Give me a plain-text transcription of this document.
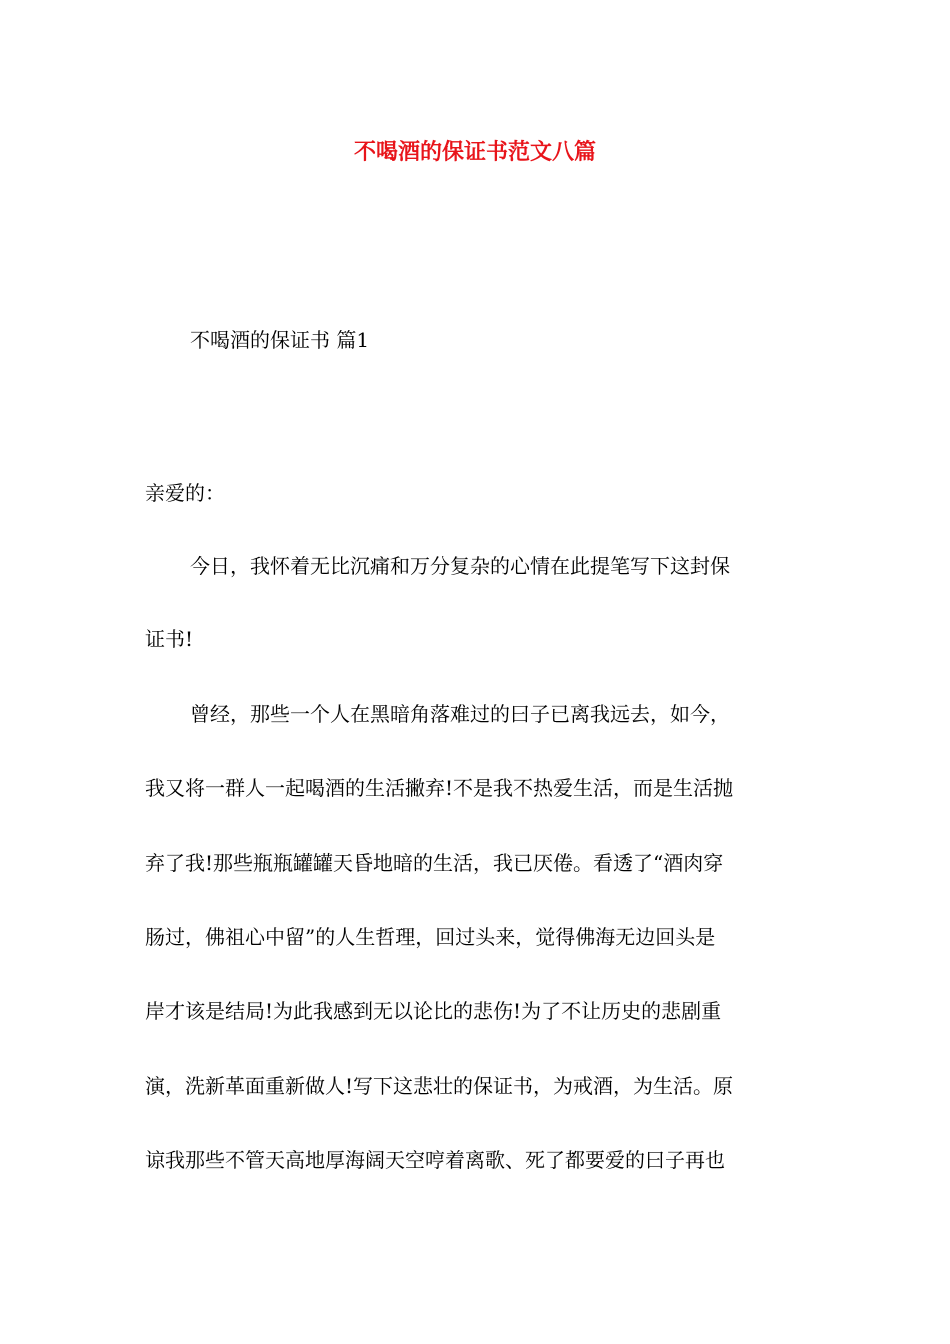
不喝酒的保证书范文八篇
不喝酒的保证书 篇1
亲爱的：
今日，我怀着无比沉痛和万分复杂的心情在此提笔写下这封保
证书!
曾经，那些一个人在黑暗角落难过的曰子已离我远去，如今，
我又将一群人一起喝酒的生活撇弃!不是我不热爱生活，而是生活抛
弃了我!那些瓶瓶罐罐天昏地暗的生活，我已厌倦。看透了“酒肉穿
肠过，佛祖心中留”的人生哲理，回过头来，觉得佛海无边回头是
岸才该是结局!为此我感到无以论比的悲伤!为了不让历史的悲剧重
演，洗新革面重新做人!写下这悲壮的保证书，为戒酒，为生活。原
谅我那些不管天高地厚海阔天空哼着离歌、死了都要爱的曰子再也
